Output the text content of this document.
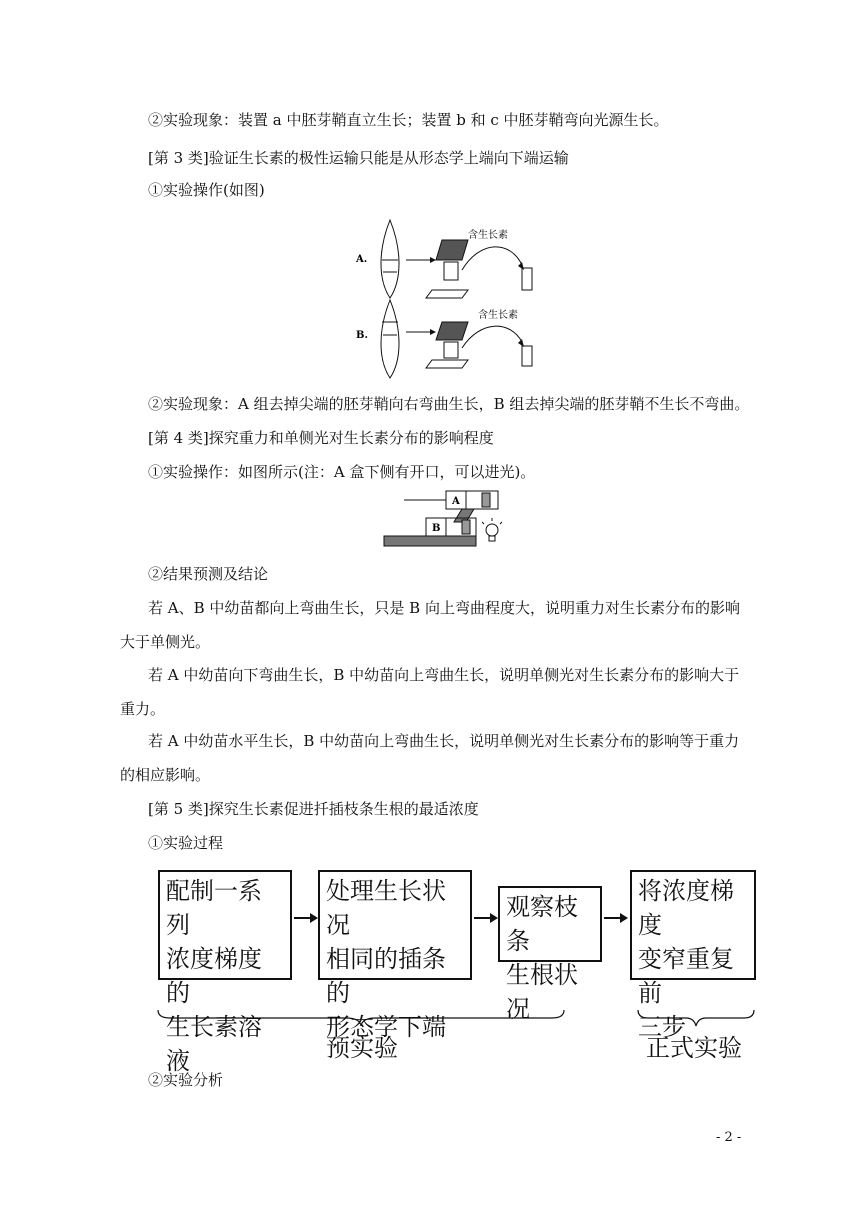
②实验现象：装置 a 中胚芽鞘直立生长；装置 b 和 c 中胚芽鞘弯向光源生长。
[第 3 类]验证生长素的极性运输只能是从形态学上端向下端运输
①实验操作(如图)
A.
B.
含生长素
含生长素
②实验现象：A 组去掉尖端的胚芽鞘向右弯曲生长，B 组去掉尖端的胚芽鞘不生长不弯曲。
[第 4 类]探究重力和单侧光对生长素分布的影响程度
①实验操作：如图所示(注：A 盒下侧有开口，可以进光)。
A
B
②结果预测及结论
若 A、B 中幼苗都向上弯曲生长，只是 B 向上弯曲程度大，说明重力对生长素分布的影响
大于单侧光。
若 A 中幼苗向下弯曲生长，B 中幼苗向上弯曲生长，说明单侧光对生长素分布的影响大于
重力。
若 A 中幼苗水平生长，B 中幼苗向上弯曲生长，说明单侧光对生长素分布的影响等于重力
的相应影响。
[第 5 类]探究生长素促进扦插枝条生根的最适浓度
①实验过程
配制一系列
浓度梯度的
生长素溶液
处理生长状况
相同的插条的
形态学下端
观察枝条
生根状况
将浓度梯度
变窄重复前
三步
预实验	正式实验
②实验分析
- 2 -
